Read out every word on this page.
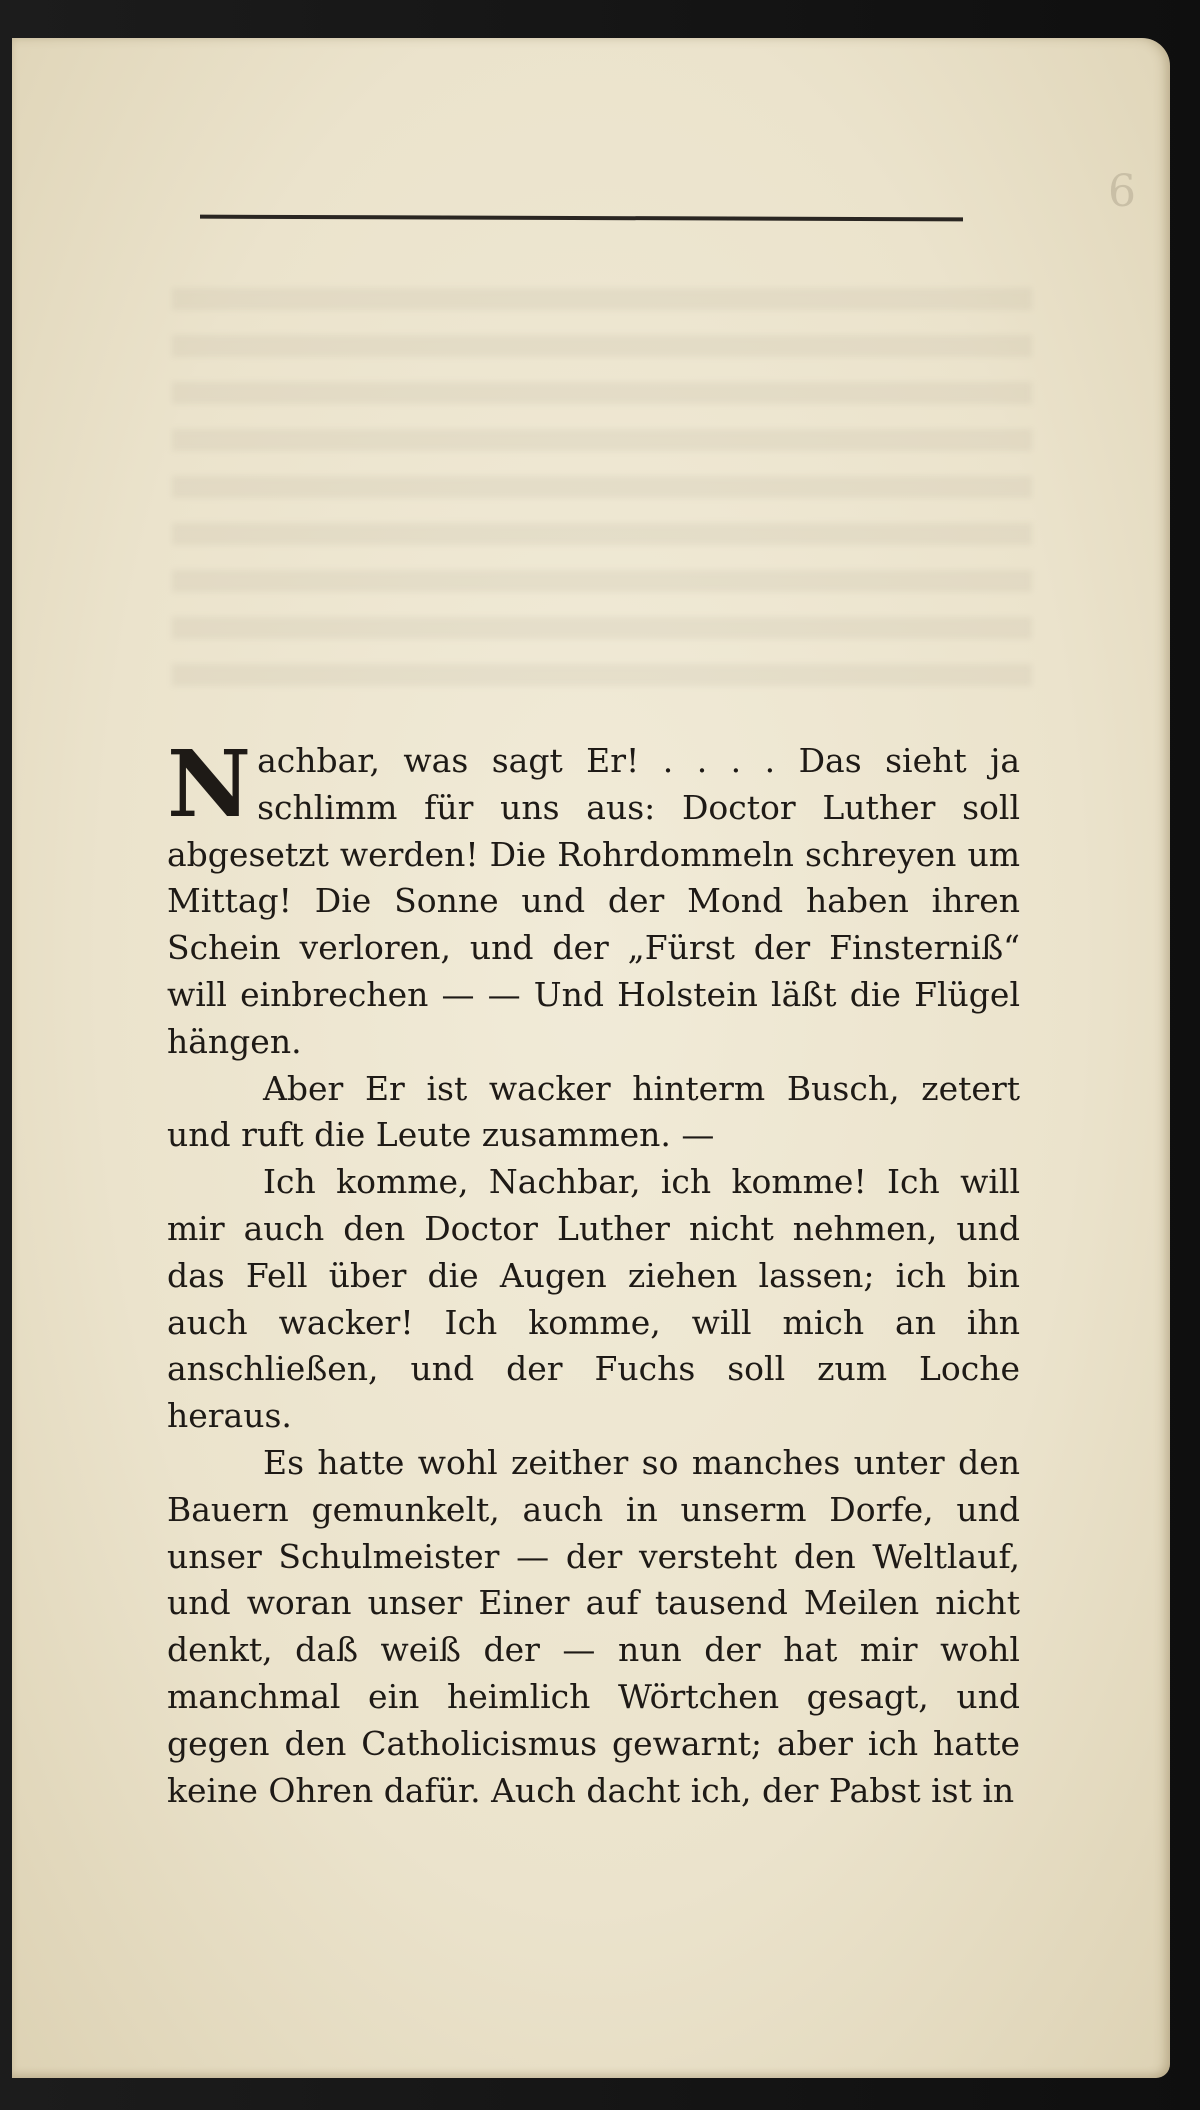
6

Nachbar, was sagt Er! . . . . Das sieht ja schlimm für uns aus: Doctor Luther soll abgesetzt werden! Die Rohrdommeln schreyen um Mittag! Die Sonne und der Mond haben ihren Schein verloren, und der „Fürst der Finsterniß“ will einbrechen — — Und Holstein läßt die Flügel hängen.

Aber Er ist wacker hinterm Busch, zetert und ruft die Leute zusammen. —

Ich komme, Nachbar, ich komme! Ich will mir auch den Doctor Luther nicht nehmen, und das Fell über die Augen ziehen lassen; ich bin auch wacker! Ich komme, will mich an ihn anschließen, und der Fuchs soll zum Loche heraus.

Es hatte wohl zeither so manches unter den Bauern gemunkelt, auch in unserm Dorfe, und unser Schulmeister — der versteht den Weltlauf, und woran unser Einer auf tausend Meilen nicht denkt, daß weiß der — nun der hat mir wohl manchmal ein heimlich Wörtchen gesagt, und gegen den Catholicismus gewarnt; aber ich hatte keine Ohren dafür. Auch dacht ich, der Pabst ist in
